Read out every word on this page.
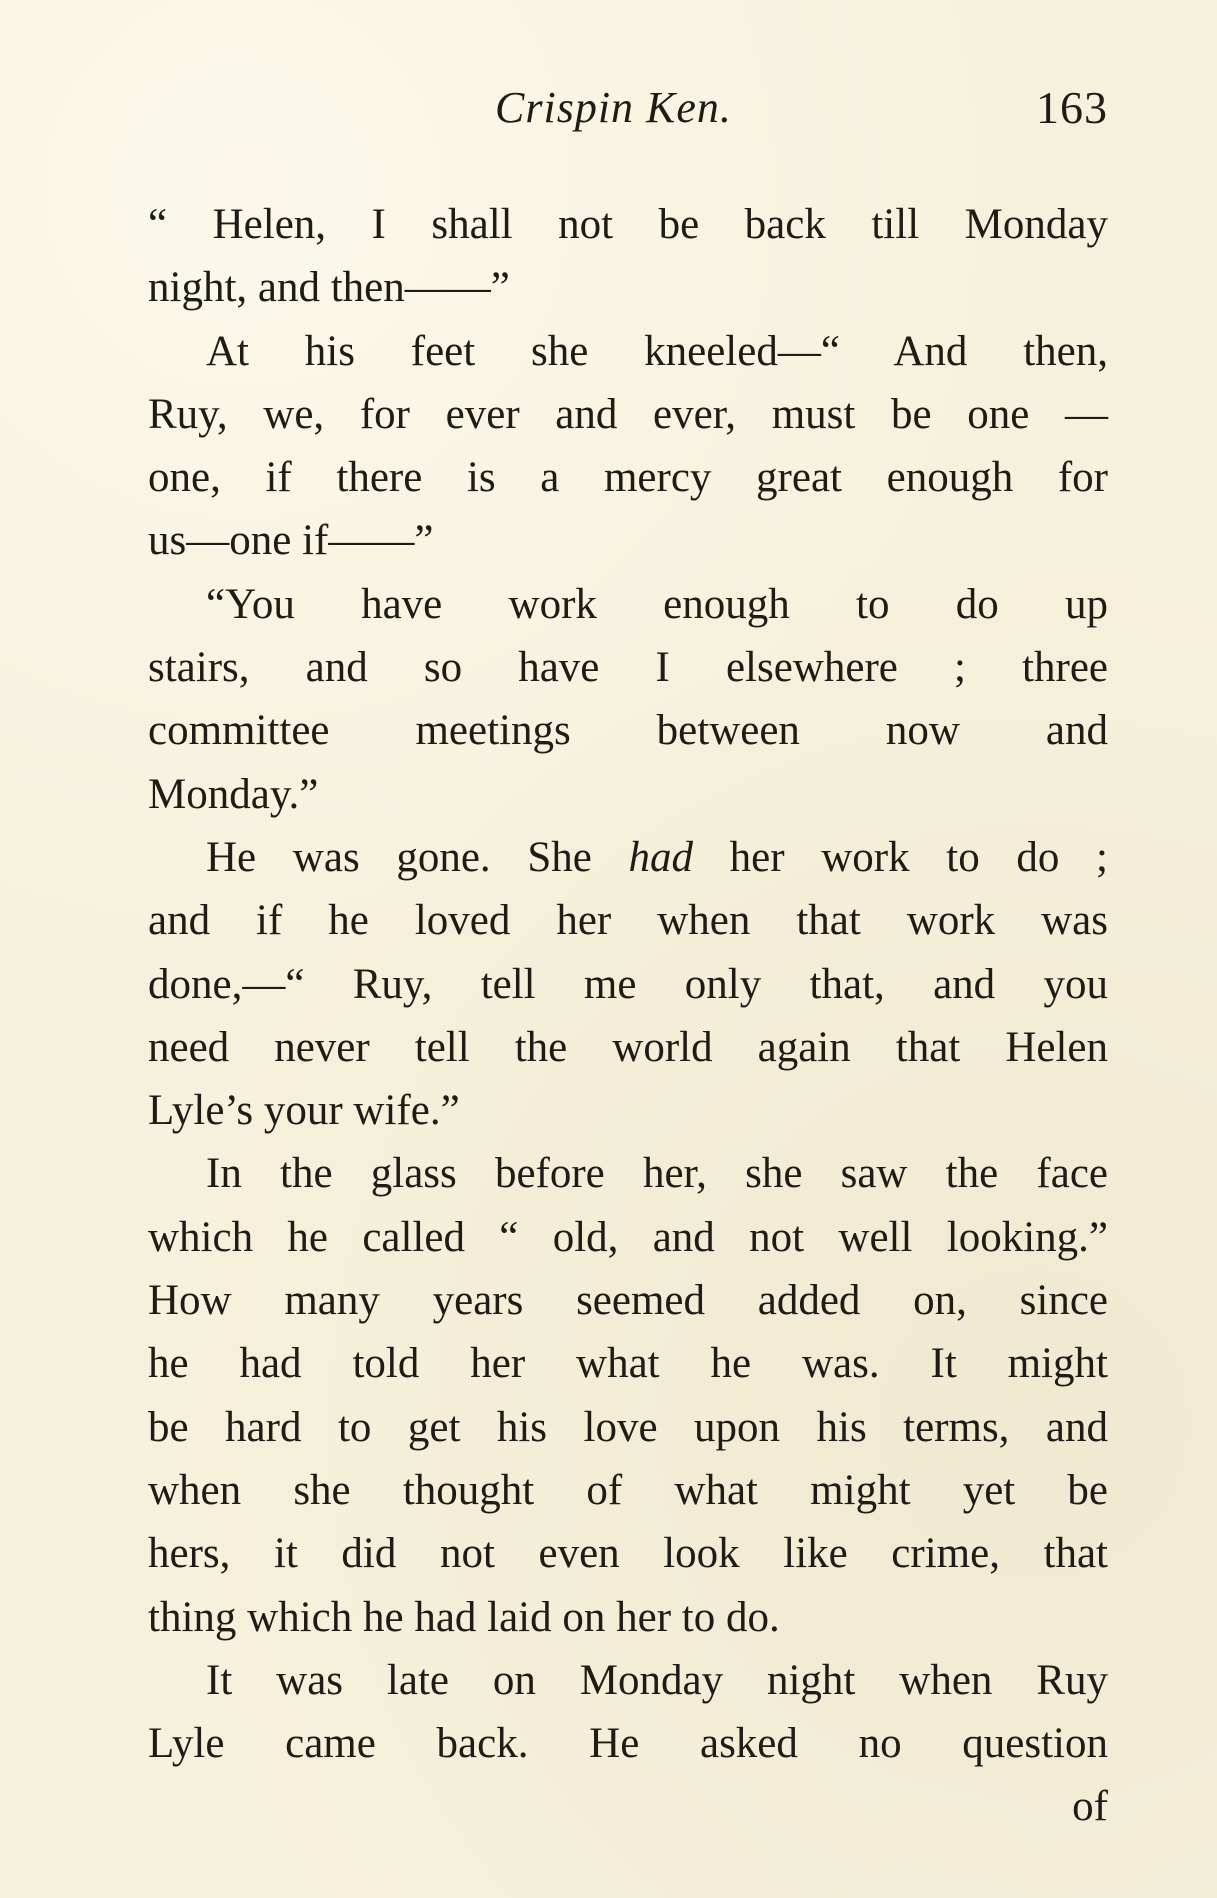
Crispin Ken.	163
“ Helen, I shall not be back till Monday
night, and then——”
At his feet she kneeled—“ And then,
Ruy, we, for ever and ever, must be one —
one, if there is a mercy great enough for
us—one if——”
“You have work enough to do up
stairs, and so have I elsewhere ; three
committee meetings between now and
Monday.”
He was gone. She had her work to do ;
and if he loved her when that work was
done,—“ Ruy, tell me only that, and you
need never tell the world again that Helen
Lyle’s your wife.”
In the glass before her, she saw the face
which he called “ old, and not well looking.”
How many years seemed added on, since
he had told her what he was. It might
be hard to get his love upon his terms, and
when she thought of what might yet be
hers, it did not even look like crime, that
thing which he had laid on her to do.
It was late on Monday night when Ruy
Lyle came back. He asked no question
of
